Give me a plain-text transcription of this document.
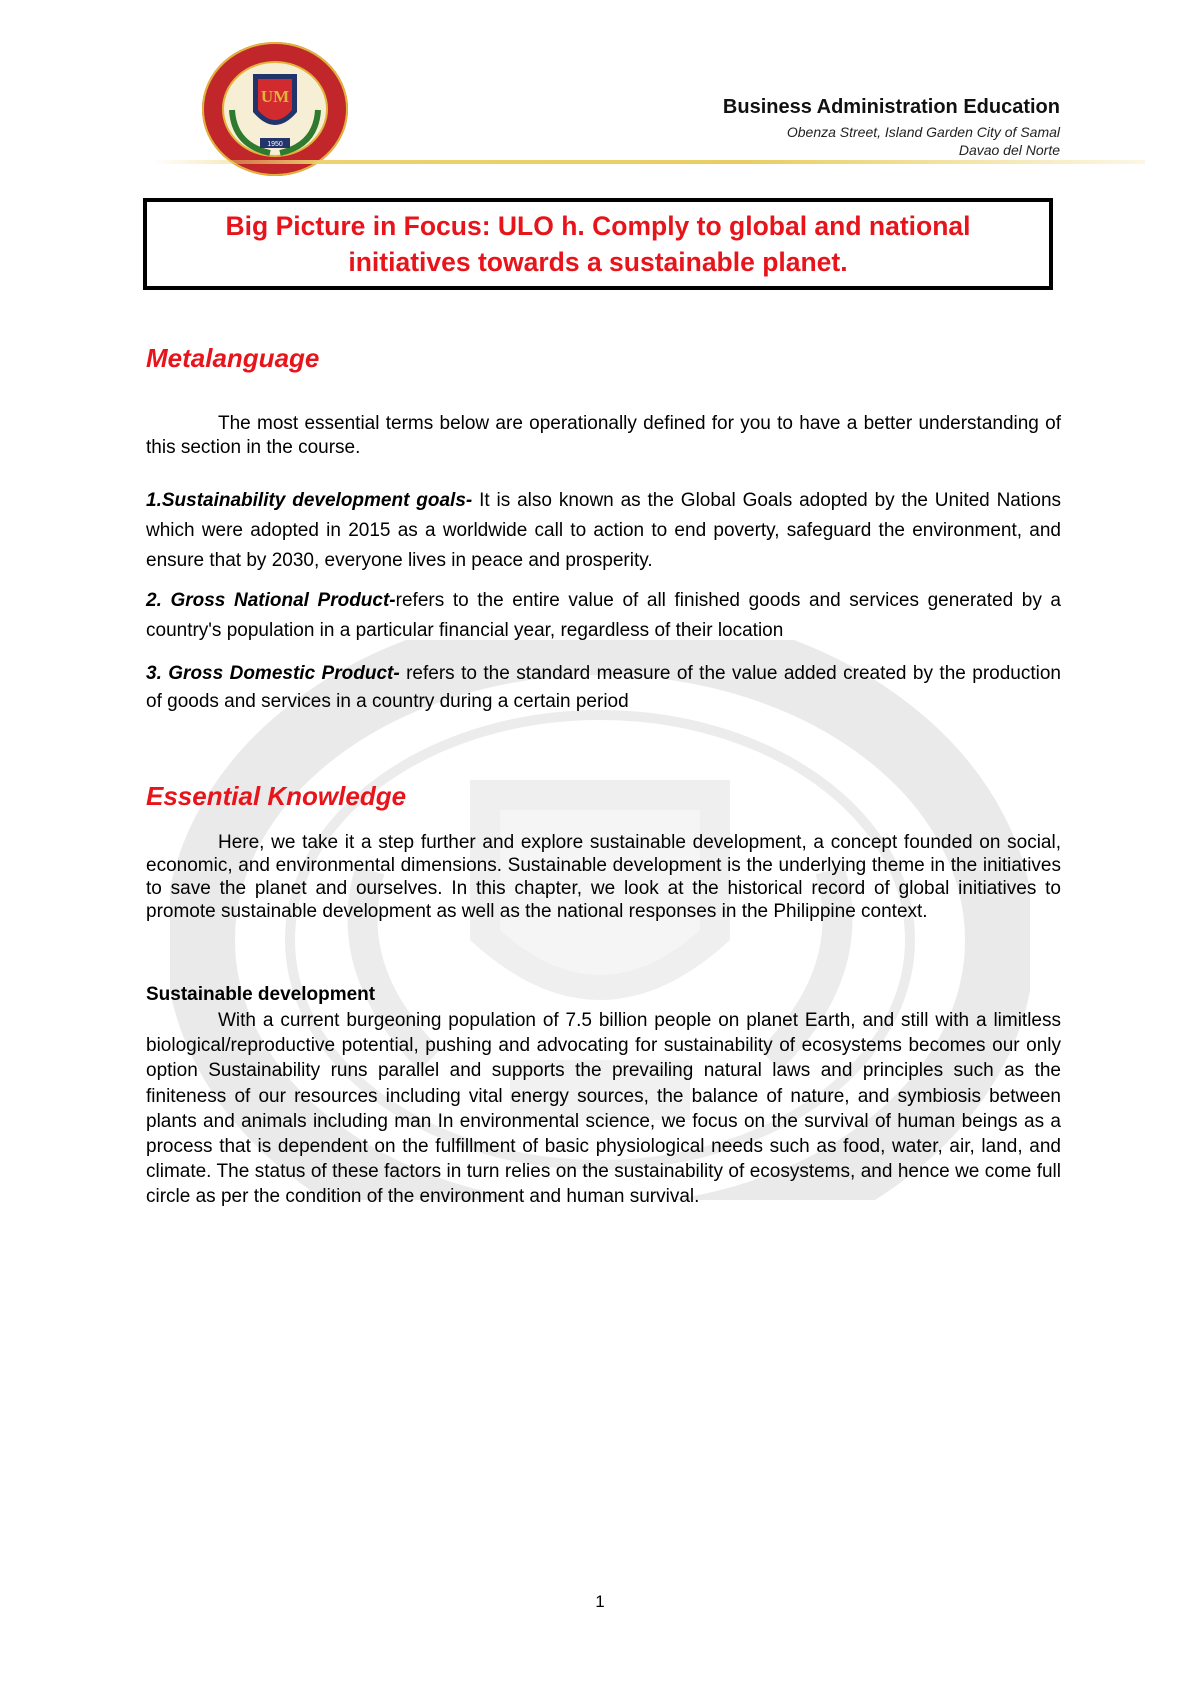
UM
1950
Business Administration Education
Obenza Street, Island Garden City of Samal
Davao del Norte
Big Picture in Focus: ULO h. Comply to global and national
initiatives towards a sustainable planet.
Metalanguage

The most essential terms below are operationally defined for you to have a better understanding of this section in the course.

1.Sustainability development goals- It is also known as the Global Goals adopted by the United Nations which were adopted in 2015 as a worldwide call to action to end poverty, safeguard the environment, and ensure that by 2030, everyone lives in peace and prosperity.

2. Gross National Product-refers to the entire value of all finished goods and services generated by a country's population in a particular financial year, regardless of their location

3. Gross Domestic Product- refers to the standard measure of the value added created by the production of goods and services in a country during a certain period

Essential Knowledge

Here, we take it a step further and explore sustainable development, a concept founded on social, economic, and environmental dimensions. Sustainable development is the underlying theme in the initiatives to save the planet and ourselves. In this chapter, we look at the historical record of global initiatives to promote sustainable development as well as the national responses in the Philippine context.

Sustainable development

With a current burgeoning population of 7.5 billion people on planet Earth, and still with a limitless biological/reproductive potential, pushing and advocating for sustainability of ecosystems becomes our only option Sustainability runs parallel and supports the prevailing natural laws and principles such as the finiteness of our resources including vital energy sources, the balance of nature, and symbiosis between plants and animals including man In environmental science, we focus on the survival of human beings as a process that is dependent on the fulfillment of basic physiological needs such as food, water, air, land, and climate. The status of these factors in turn relies on the sustainability of ecosystems, and hence we come full circle as per the condition of the environment and human survival.

1
